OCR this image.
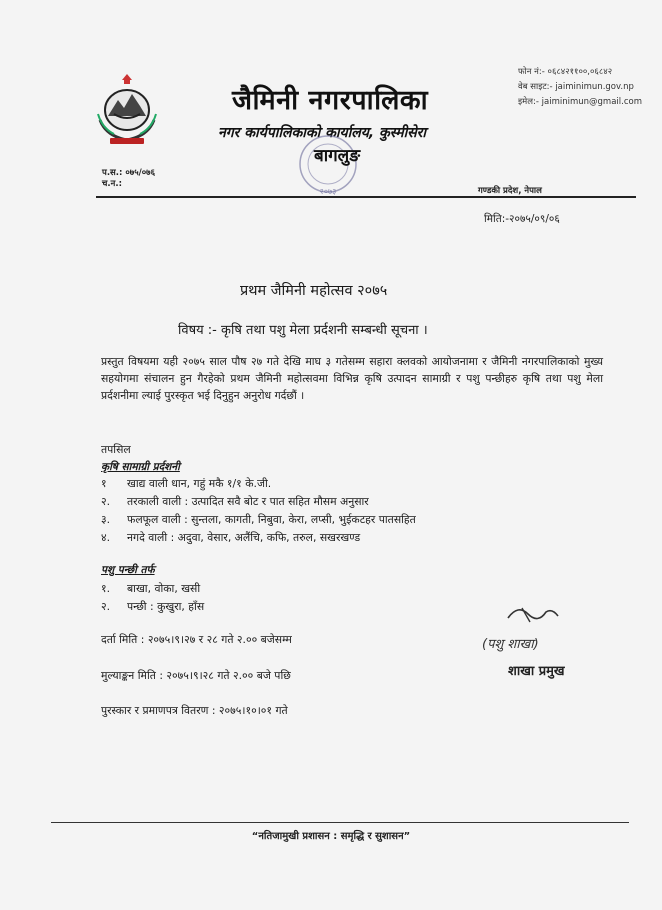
जैमिनी नगरपालिका
नगर कार्यपालिकाको कार्यालय, कुस्मीसेरा
२०७३
बागलुङ
फोन नं:- ०६८४२११००,०६८४२
वेब साइट:- jaiminimun.gov.np
इमेल:- jaiminimun@gmail.com
प.स.: ०७५/०७६
च.न.:
गण्डकी प्रदेश, नेपाल
मिति:-२०७५/०९/०६
प्रथम जैमिनी महोत्सव २०७५
विषय :- कृषि तथा पशु मेला प्रर्दशनी सम्बन्धी सूचना ।
प्रस्तुत विषयमा यही २०७५ साल पौष २७ गते देखि माघ ३ गतेसम्म सहारा क्लवको आयोजनामा र जैमिनी नगरपालिकाको मुख्य सहयोगमा संचालन हुन गैरहेको प्रथम जैमिनी महोत्सवमा विभिन्न कृषि उत्पादन सामाग्री र पशु पन्छीहरु कृषि तथा पशु मेला प्रर्दशनीमा ल्याई पुरस्कृत भई दिनुहुन अनुरोध गर्दछौं ।
तपसिल
कृषि सामाग्री प्रर्दशनी
१ खाद्य वाली धान, गहुं मकै १/१ के.जी.
२. तरकाली वाली : उत्पादित सवै बोट र पात सहित मौसम अनुसार
३. फलफूल वाली : सुन्तला, कागती, निबुवा, केरा, लप्सी, भुईकटहर पातसहित
४. नगदे वाली : अदुवा, वेसार, अलैंचि, कफि, तरुल, सखरखण्ड
पशु पन्छी तर्फ
१. बाखा, वोका, खसी
२. पन्छी : कुखुरा, हाँस
दर्ता मिति : २०७५।९।२७ र २८ गते २.०० बजेसम्म
मुल्याङ्कन मिति : २०७५।९।२८ गते २.०० बजे पछि
पुरस्कार र प्रमाणपत्र वितरण : २०७५।१०।०१ गते
(पशु शाखा)
शाखा प्रमुख
“नतिजामुखी प्रशासन : समृद्धि र सुशासन”
